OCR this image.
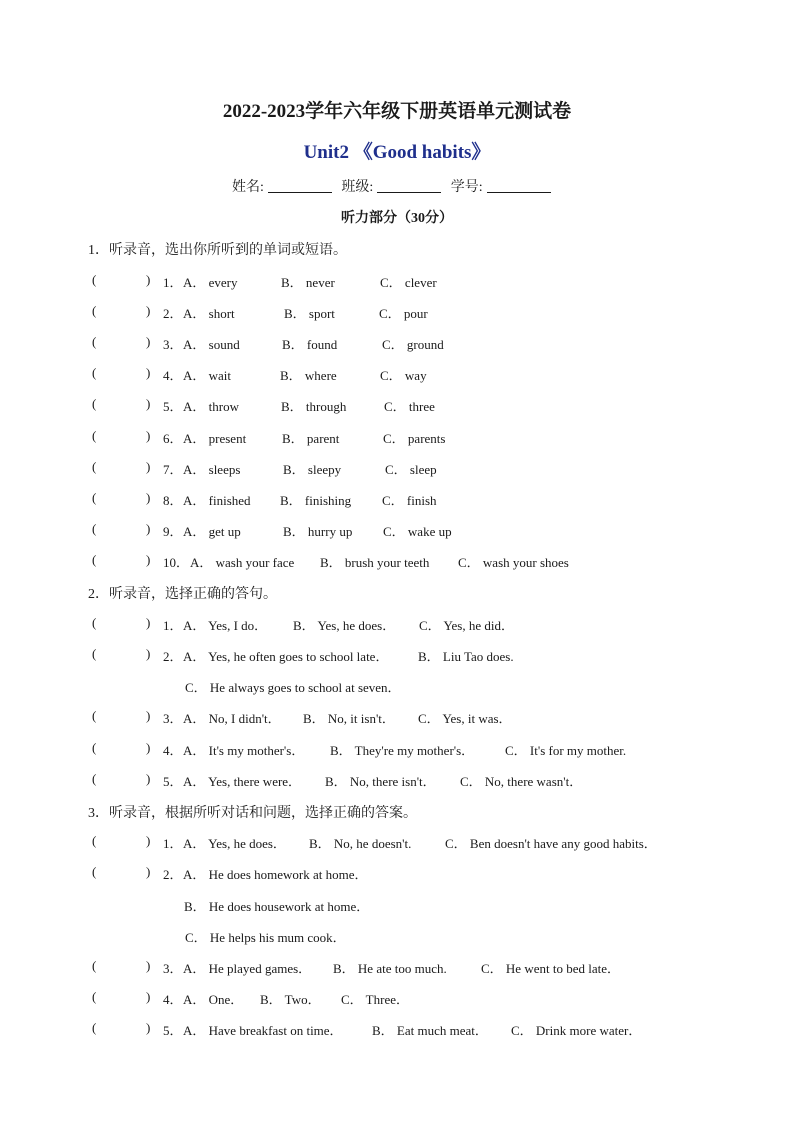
2022-2023学年六年级下册英语单元测试卷
Unit2 《Good habits》
姓名:	班级:	学号:
听力部分（30分）
1．听录音，选出你所听到的单词或短语。
(	) 1． A． every	B． never	C． clever
(	) 2． A． short	B． sport	C． pour
(	) 3． A． sound	B． found	C． ground
(	) 4． A． wait	B． where	C． way
(	) 5． A． throw	B． through	C． three
(	) 6． A． present	B． parent	C． parents
(	) 7． A． sleeps	B． sleepy	C． sleep
(	) 8． A． finished B． finishing C． finish
(	) 9． A． get up	B． hurry up C． wake up
(	) 10． A． wash your face B． brush your teeth C． wash your shoes
2．听录音，选择正确的答句。
(	) 1． A． Yes, I do． B． Yes, he does． C． Yes, he did．
(	) 2． A． Yes, he often goes to school late． B． Liu Tao does.
C． He always goes to school at seven．
(	) 3． A． No, I didn't． B． No, it isn't． C． Yes, it was．
(	) 4． A． It's my mother's． B． They're my mother's． C． It's for my mother.
(	) 5． A． Yes, there were． B． No, there isn't． C． No, there wasn't．
3．听录音，根据所听对话和问题，选择正确的答案。
(	) 1． A． Yes, he does． B． No, he doesn't.	C． Ben doesn't have any good habits．
(	) 2． A． He does homework at home．
B． He does housework at home．
C． He helps his mum cook．
(	) 3． A． He played games． B． He ate too much.	C． He went to bed late．
(	) 4． A． One． B． Two． C． Three．
(	) 5． A． Have breakfast on time． B． Eat much meat． C． Drink more water．
